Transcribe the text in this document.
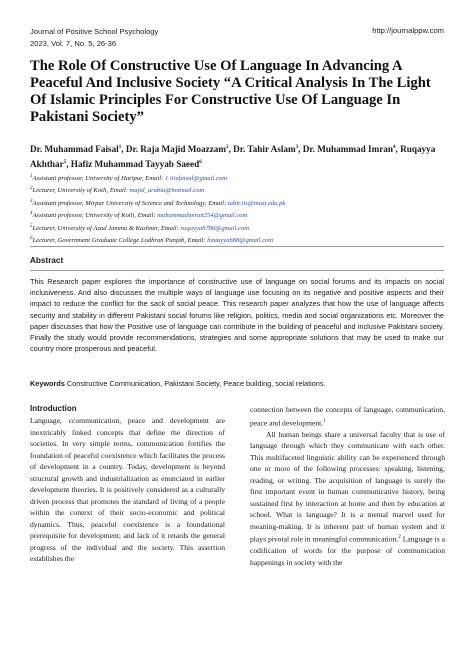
Journal of Positive School Psychology
2023, Vol. 7, No. 5, 26-36
http://journalppw.com
The Role Of Constructive Use Of Language In Advancing A Peaceful And Inclusive Society “A Critical Analysis In The Light Of Islamic Principles For Constructive Use Of Language In Pakistani Society”

Dr. Muhammad Faisal$^1$, Dr. Raja Majid Moazzam$^2$, Dr. Tahir Aslam$^3$, Dr. Muhammad Imran$^4$, Ruqayya Akhthar$^5$, Hafiz Muhammad Tayyab Saeed$^6$

$^1$Assistant professor, University of Haripur, Email: 1 iiiufaisal@gmail.com
$^2$Lecturer, University of Kotli, Email: majid_arabia@hotmail.com
$^3$Assistant professor, Mirpur University of Science and Technology, Email: tahir.iis@must.edu.pk
$^4$Assistant professor, University of Kotli, Email: muhammadimran254@gmail.com
$^5$Lecturer, University of Azad Jammu & Kashmir, Email: ruqayyah786@gmail.com
$^6$Lecturer, Government Graduate College Lodhran Punjab, Email: hmtayyab88@gmail.com
Abstract

This Research paper explores the importance of constructive use of language on social forums and its impacts on social inclusiveness. And also discusses the multiple ways of language use focusing on its negative and positive aspects and their impact to reduce the conflict for the sack of social peace. This research paper analyzes that how the use of language affects security and stability in different Pakistani social forums like religion, politics, media and social organizations etc. Moreover the paper discusses that how the Positive use of language can contribute in the building of peaceful and inclusive Pakistani society. Finally the study would provide recommendations, strategies and some appropriate solutions that may be used to make our country more prosperous and peaceful.

Keywords Constructive Communication, Pakistani Society, Peace building, social relations.
Introduction

Language, ccommunication, peace and development are inextricably linked concepts that define the direction of societies. In very simple terms, communication fortifies the foundation of peaceful coexistence which facilitates the process of development in a country. Today, development is beyond structural growth and industrialization as enunciated in earlier development theories. It is positively considered as a culturally driven process that promotes the standard of living of a people within the context of their socio-economic and political dynamics. Thus, peaceful coexistence is a foundational prerequisite for development; and lack of it retards the general progress of the individual and the society. This assertion establishes the

connection between the concepts of language, communication, peace and development.$^1$

All human beings share a universal faculty that is use of language through which they communicate with each other. This multifaceted linguistic ability can be experienced through one or more of the following processes: speaking, listening, reading, or writing. The acquisition of language is surely the first important event in human communicative history, being sustained first by interaction at home and then by education at school. What is language? It is a mental marvel used for meaning-making. It is inherent part of human system and it plays pivotal role in meaningful communication.$^2$ Language is a codification of words for the purpose of communication happenings in society with the
